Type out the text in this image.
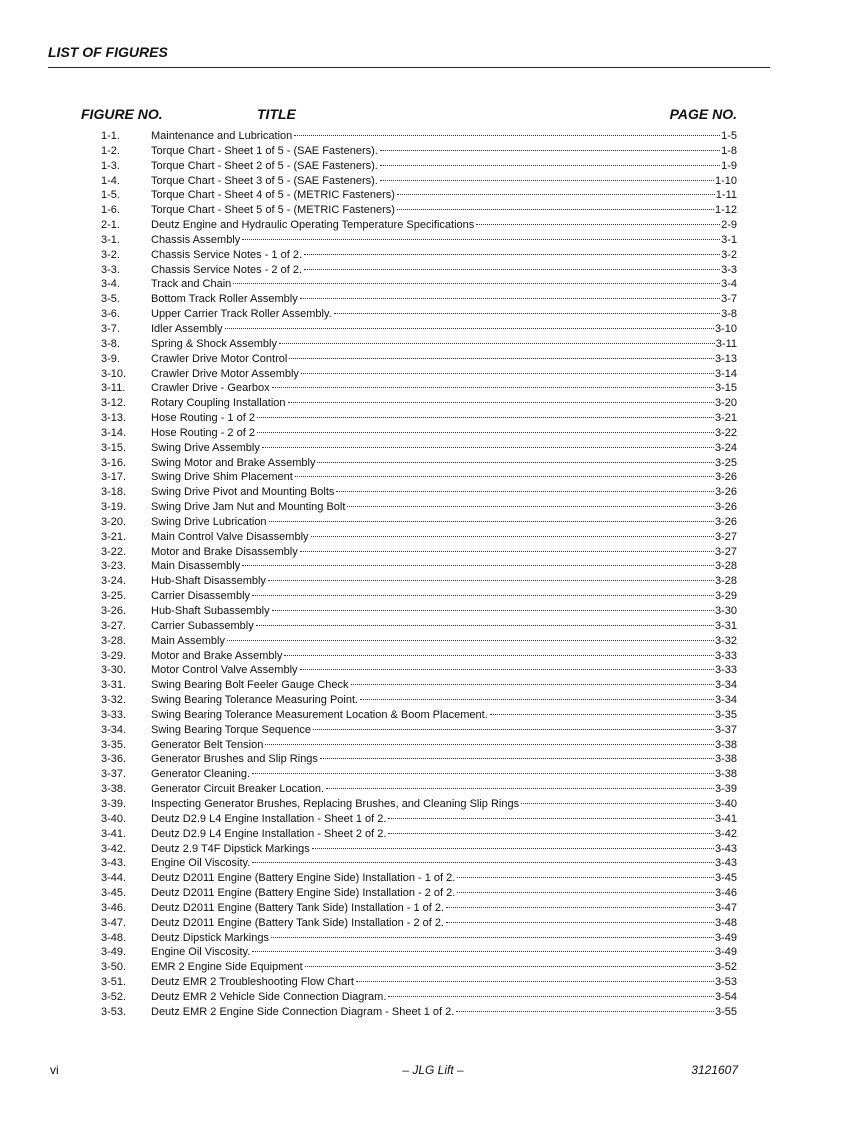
LIST OF FIGURES
FIGURE NO.	TITLE	PAGE NO.
1-1.	Maintenance and Lubrication	1-5
1-2.	Torque Chart - Sheet 1 of 5 - (SAE Fasteners).	1-8
1-3.	Torque Chart - Sheet 2 of 5 - (SAE Fasteners).	1-9
1-4.	Torque Chart - Sheet 3 of 5 - (SAE Fasteners).	1-10
1-5.	Torque Chart - Sheet 4 of 5 - (METRIC Fasteners)	1-11
1-6.	Torque Chart - Sheet 5 of 5 - (METRIC Fasteners)	1-12
2-1.	Deutz Engine and Hydraulic Operating Temperature Specifications	2-9
3-1.	Chassis Assembly	3-1
3-2.	Chassis Service Notes - 1 of 2.	3-2
3-3.	Chassis Service Notes - 2 of 2.	3-3
3-4.	Track and Chain	3-4
3-5.	Bottom Track Roller Assembly	3-7
3-6.	Upper Carrier Track Roller Assembly.	3-8
3-7.	Idler Assembly	3-10
3-8.	Spring & Shock Assembly	3-11
3-9.	Crawler Drive Motor Control	3-13
3-10. Crawler Drive Motor Assembly	3-14
3-11. Crawler Drive - Gearbox	3-15
3-12. Rotary Coupling Installation	3-20
3-13. Hose Routing - 1 of 2	3-21
3-14. Hose Routing - 2 of 2	3-22
3-15. Swing Drive Assembly	3-24
3-16. Swing Motor and Brake Assembly	3-25
3-17. Swing Drive Shim Placement	3-26
3-18. Swing Drive Pivot and Mounting Bolts	3-26
3-19. Swing Drive Jam Nut and Mounting Bolt	3-26
3-20. Swing Drive Lubrication	3-26
3-21. Main Control Valve Disassembly	3-27
3-22. Motor and Brake Disassembly	3-27
3-23. Main Disassembly	3-28
3-24. Hub-Shaft Disassembly	3-28
3-25. Carrier Disassembly	3-29
3-26. Hub-Shaft Subassembly	3-30
3-27. Carrier Subassembly	3-31
3-28. Main Assembly	3-32
3-29. Motor and Brake Assembly	3-33
3-30. Motor Control Valve Assembly	3-33
3-31. Swing Bearing Bolt Feeler Gauge Check	3-34
3-32. Swing Bearing Tolerance Measuring Point.	3-34
3-33. Swing Bearing Tolerance Measurement Location & Boom Placement.	3-35
3-34. Swing Bearing Torque Sequence	3-37
3-35. Generator Belt Tension	3-38
3-36. Generator Brushes and Slip Rings	3-38
3-37. Generator Cleaning.	3-38
3-38. Generator Circuit Breaker Location.	3-39
3-39. Inspecting Generator Brushes, Replacing Brushes, and Cleaning Slip Rings	3-40
3-40. Deutz D2.9 L4 Engine Installation - Sheet 1 of 2.	3-41
3-41. Deutz D2.9 L4 Engine Installation - Sheet 2 of 2.	3-42
3-42. Deutz 2.9 T4F Dipstick Markings	3-43
3-43. Engine Oil Viscosity.	3-43
3-44. Deutz D2011 Engine (Battery Engine Side) Installation - 1 of 2.	3-45
3-45. Deutz D2011 Engine (Battery Engine Side) Installation - 2 of 2.	3-46
3-46. Deutz D2011 Engine (Battery Tank Side) Installation - 1 of 2.	3-47
3-47. Deutz D2011 Engine (Battery Tank Side) Installation - 2 of 2.	3-48
3-48. Deutz Dipstick Markings	3-49
3-49. Engine Oil Viscosity.	3-49
3-50. EMR 2 Engine Side Equipment	3-52
3-51. Deutz EMR 2 Troubleshooting Flow Chart	3-53
3-52. Deutz EMR 2 Vehicle Side Connection Diagram.	3-54
3-53. Deutz EMR 2 Engine Side Connection Diagram - Sheet 1 of 2.	3-55
vi	– JLG Lift –	3121607
